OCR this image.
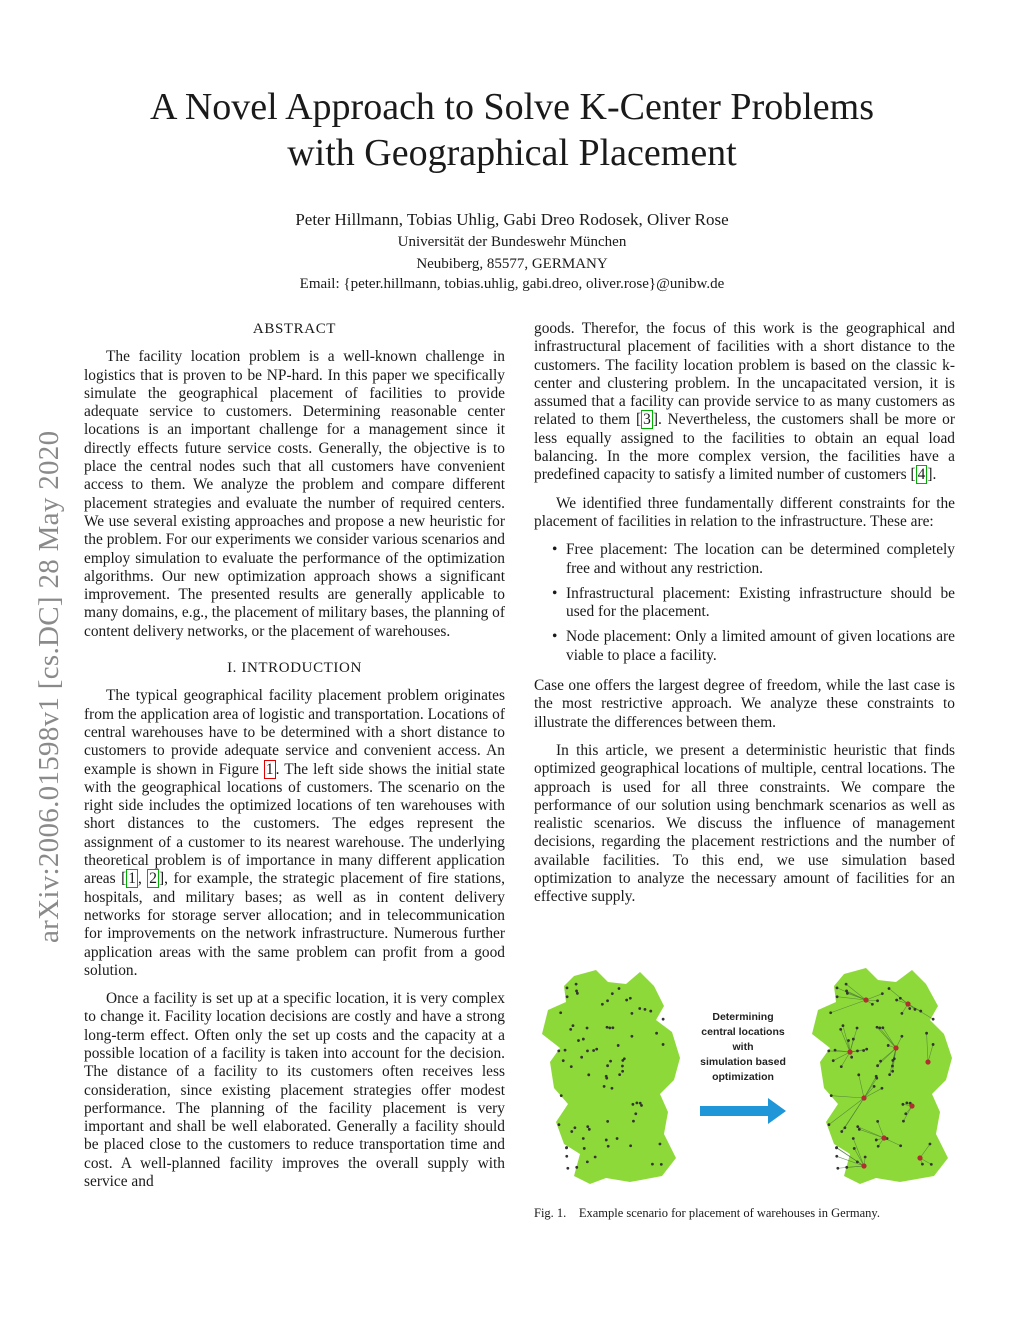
A Novel Approach to Solve K-Center Problems
with Geographical Placement
Peter Hillmann, Tobias Uhlig, Gabi Dreo Rodosek, Oliver Rose
Universität der Bundeswehr München
Neubiberg, 85577, GERMANY
Email: {peter.hillmann, tobias.uhlig, gabi.dreo, oliver.rose}@unibw.de
arXiv:2006.01598v1 [cs.DC] 28 May 2020
ABSTRACT

The facility location problem is a well-known challenge in logistics that is proven to be NP-hard. In this paper we specifically simulate the geographical placement of facilities to provide adequate service to customers. Determining reasonable center locations is an important challenge for a management since it directly effects future service costs. Generally, the objective is to place the central nodes such that all customers have convenient access to them. We analyze the problem and compare different placement strategies and evaluate the number of required centers. We use several existing approaches and propose a new heuristic for the problem. For our experiments we consider various scenarios and employ simulation to evaluate the performance of the optimization algorithms. Our new optimization approach shows a significant improvement. The presented results are generally applicable to many domains, e.g., the placement of military bases, the planning of content delivery networks, or the placement of warehouses.

I. INTRODUCTION

The typical geographical facility placement problem originates from the application area of logistic and transportation. Locations of central warehouses have to be determined with a short distance to customers to provide adequate service and convenient access. An example is shown in Figure 1 . The left side shows the initial state with the geographical locations of customers. The scenario on the right side includes the optimized locations of ten warehouses with short distances to the customers. The edges represent the assignment of a customer to its nearest warehouse. The underlying theoretical problem is of importance in many different application areas [ 1 , 2 ], for example, the strategic placement of fire stations, hospitals, and military bases; as well as in content delivery networks for storage server allocation; and in telecommunication for improvements on the network infrastructure. Numerous further application areas with the same problem can profit from a good solution.

Once a facility is set up at a specific location, it is very complex to change it. Facility location decisions are costly and have a strong long-term effect. Often only the set up costs and the capacity at a possible location of a facility is taken into account for the decision. The distance of a facility to its customers often receives less consideration, since existing placement strategies offer modest performance. The planning of the facility placement is very important and shall be well elaborated. Generally a facility should be placed close to the customers to reduce transportation time and cost. A well-planned facility improves the overall supply with service and

goods. Therefor, the focus of this work is the geographical and infrastructural placement of facilities with a short distance to the customers. The facility location problem is based on the classic k-center and clustering problem. In the uncapacitated version, it is assumed that a facility can provide service to as many customers as related to them [ 3 ]. Nevertheless, the customers shall be more or less equally assigned to the facilities to obtain an equal load balancing. In the more complex version, the facilities have a predefined capacity to satisfy a limited number of customers [ 4 ].

We identified three fundamentally different constraints for the placement of facilities in relation to the infrastructure. These are:

• Free placement: The location can be determined completely free and without any restriction.
• Infrastructural placement: Existing infrastructure should be used for the placement.
• Node placement: Only a limited amount of given locations are viable to place a facility.

Case one offers the largest degree of freedom, while the last case is the most restrictive approach. We analyze these constraints to illustrate the differences between them.

In this article, we present a deterministic heuristic that finds optimized geographical locations of multiple, central locations. The approach is used for all three constraints. We compare the performance of our solution using benchmark scenarios as well as realistic scenarios. We discuss the influence of management decisions, regarding the placement restrictions and the number of available facilities. To this end, we use simulation based optimization to analyze the necessary amount of facilities for an effective supply.

Determining
central locations
with
simulation based
optimization
Fig. 1. Example scenario for placement of warehouses in Germany.
